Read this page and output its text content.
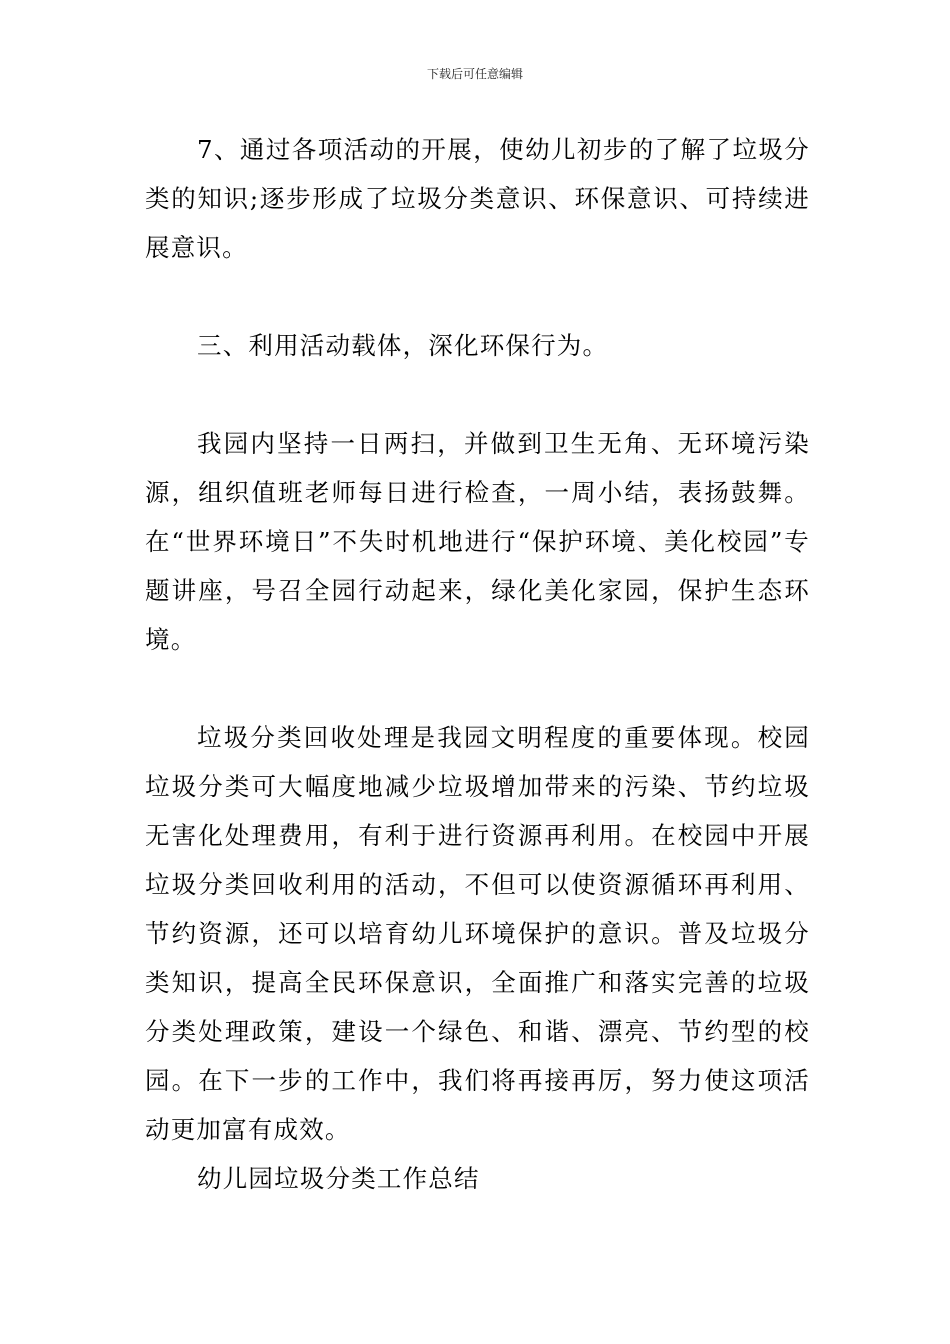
下载后可任意编辑

7、通过各项活动的开展，使幼儿初步的了解了垃圾分类的知识;逐步形成了垃圾分类意识、环保意识、可持续进展意识。

三、利用活动载体，深化环保行为。

我园内坚持一日两扫，并做到卫生无角、无环境污染源，组织值班老师每日进行检查，一周小结，表扬鼓舞。在“世界环境日”不失时机地进行“保护环境、美化校园”专题讲座，号召全园行动起来，绿化美化家园，保护生态环境。

垃圾分类回收处理是我园文明程度的重要体现。校园垃圾分类可大幅度地减少垃圾增加带来的污染、节约垃圾无害化处理费用，有利于进行资源再利用。在校园中开展垃圾分类回收利用的活动，不但可以使资源循环再利用、节约资源，还可以培育幼儿环境保护的意识。普及垃圾分类知识，提高全民环保意识，全面推广和落实完善的垃圾分类处理政策，建设一个绿色、和谐、漂亮、节约型的校园。在下一步的工作中，我们将再接再厉，努力使这项活动更加富有成效。

幼儿园垃圾分类工作总结
